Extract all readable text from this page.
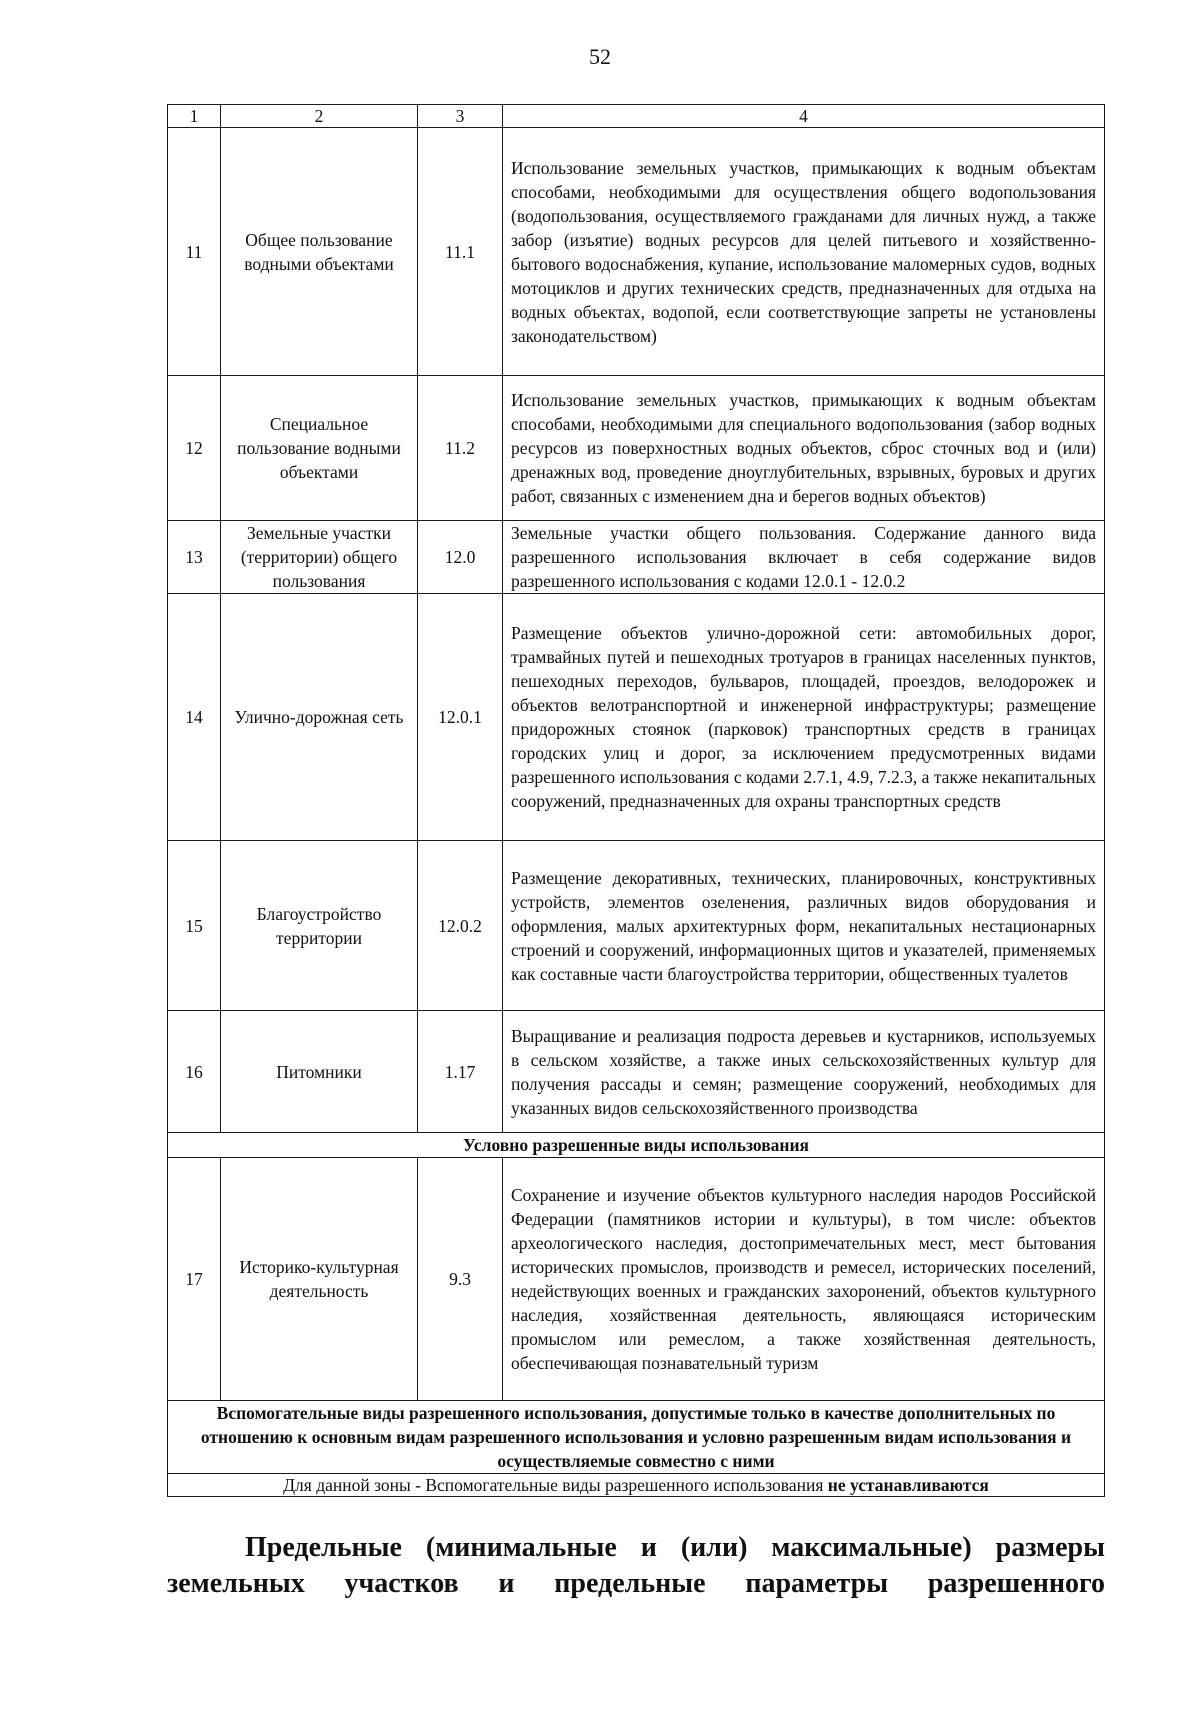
52
1	2	3	4
11	Общее пользование водными объектами	11.1	Использование земельных участков, примыкающих к водным объектам способами, необходимыми для осуществления общего водопользования (водопользования, осуществляемого гражданами для личных нужд, а также забор (изъятие) водных ресурсов для целей питьевого и хозяйственно-бытового водоснабжения, купание, использование маломерных судов, водных мотоциклов и других технических средств, предназначенных для отдыха на водных объектах, водопой, если соответствующие запреты не установлены законодательством)
12	Специальное пользование водными объектами	11.2	Использование земельных участков, примыкающих к водным объектам способами, необходимыми для специального водопользования (забор водных ресурсов из поверхностных водных объектов, сброс сточных вод и (или) дренажных вод, проведение дноуглубительных, взрывных, буровых и других работ, связанных с изменением дна и берегов водных объектов)
13	Земельные участки (территории) общего пользования	12.0	Земельные участки общего пользования. Содержание данного вида разрешенного использования включает в себя содержание видов разрешенного использования с кодами 12.0.1 - 12.0.2
14	Улично-дорожная сеть	12.0.1	Размещение объектов улично-дорожной сети: автомобильных дорог, трамвайных путей и пешеходных тротуаров в границах населенных пунктов, пешеходных переходов, бульваров, площадей, проездов, велодорожек и объектов велотранспортной и инженерной инфраструктуры; размещение придорожных стоянок (парковок) транспортных средств в границах городских улиц и дорог, за исключением предусмотренных видами разрешенного использования с кодами 2.7.1, 4.9, 7.2.3, а также некапитальных сооружений, предназначенных для охраны транспортных средств
15	Благоустройство территории	12.0.2	Размещение декоративных, технических, планировочных, конструктивных устройств, элементов озеленения, различных видов оборудования и оформления, малых архитектурных форм, некапитальных нестационарных строений и сооружений, информационных щитов и указателей, применяемых как составные части благоустройства территории, общественных туалетов
16	Питомники	1.17	Выращивание и реализация подроста деревьев и кустарников, используемых в сельском хозяйстве, а также иных сельскохозяйственных культур для получения рассады и семян; размещение сооружений, необходимых для указанных видов сельскохозяйственного производства
Условно разрешенные виды использования			
17	Историко-культурная деятельность	9.3	Сохранение и изучение объектов культурного наследия народов Российской Федерации (памятников истории и культуры), в том числе: объектов археологического наследия, достопримечательных мест, мест бытования исторических промыслов, производств и ремесел, исторических поселений, недействующих военных и гражданских захоронений, объектов культурного наследия, хозяйственная деятельность, являющаяся историческим промыслом или ремеслом, а также хозяйственная деятельность, обеспечивающая познавательный туризм
Вспомогательные виды разрешенного использования, допустимые только в качестве дополнительных по отношению к основным видам разрешенного использования и условно разрешенным видам использования и осуществляемые совместно с ними			
Для данной зоны - Вспомогательные виды разрешенного использования не устанавливаются			
Предельные (минимальные и (или) максимальные) размеры
земельных участков и предельные параметры разрешенного
